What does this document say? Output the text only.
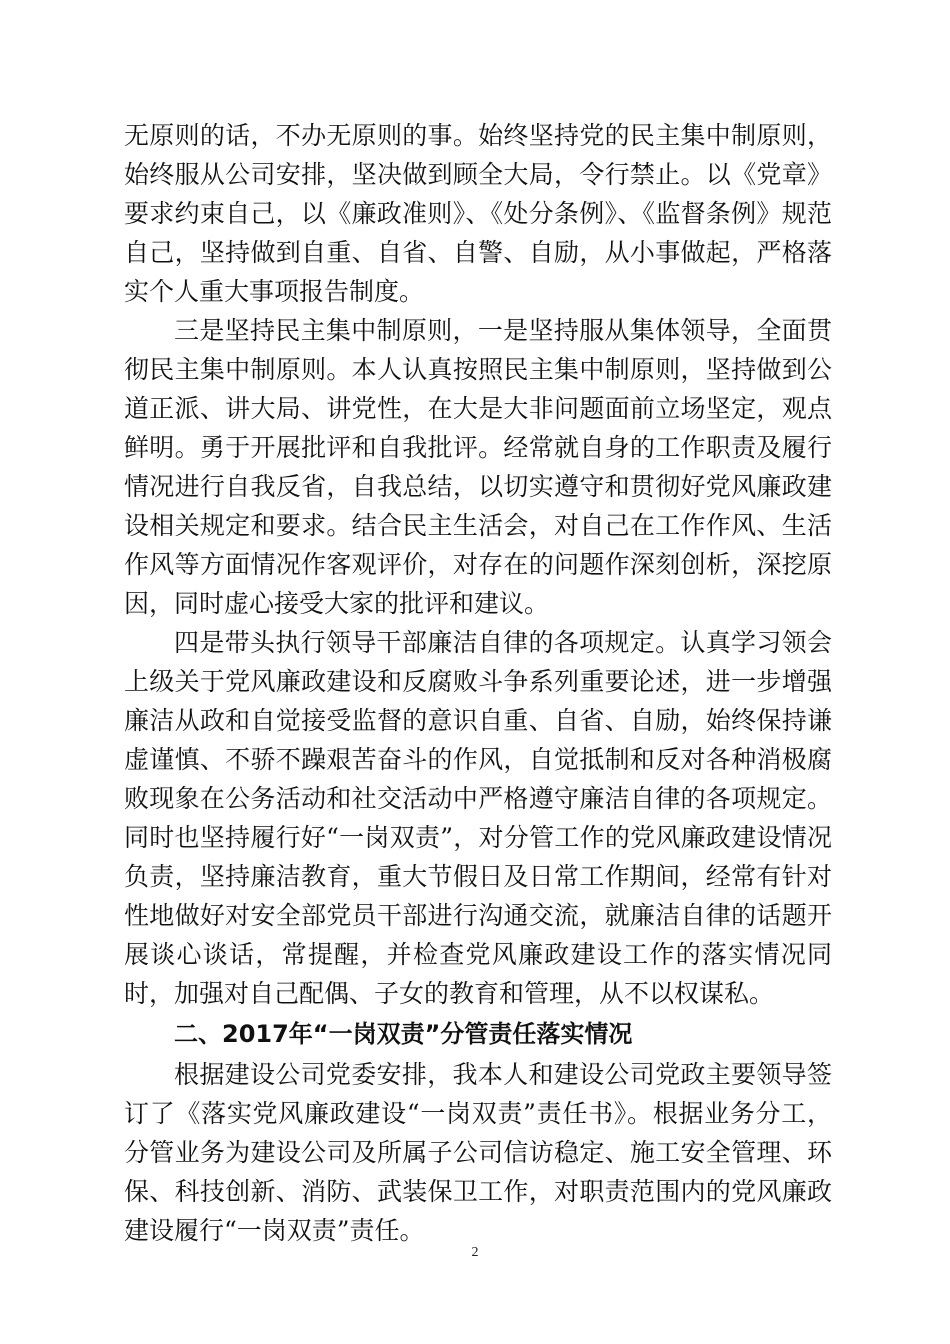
无原则的话，不办无原则的事。始终坚持党的民主集中制原则，始终服从公司安排，坚决做到顾全大局，令行禁止。以《党章》要求约束自己，以《廉政准则》、《处分条例》、《监督条例》规范自己，坚持做到自重、自省、自警、自励，从小事做起，严格落实个人重大事项报告制度。

三是坚持民主集中制原则，一是坚持服从集体领导，全面贯彻民主集中制原则。本人认真按照民主集中制原则，坚持做到公道正派、讲大局、讲党性，在大是大非问题面前立场坚定，观点鲜明。勇于开展批评和自我批评。经常就自身的工作职责及履行情况进行自我反省，自我总结，以切实遵守和贯彻好党风廉政建设相关规定和要求。结合民主生活会，对自己在工作作风、生活作风等方面情况作客观评价，对存在的问题作深刻创析，深挖原因，同时虚心接受大家的批评和建议。

四是带头执行领导干部廉洁自律的各项规定。认真学习领会上级关于党风廉政建设和反腐败斗争系列重要论述，进一步增强廉洁从政和自觉接受监督的意识自重、自省、自励，始终保持谦虚谨慎、不骄不躁艰苦奋斗的作风，自觉抵制和反对各种消极腐败现象在公务活动和社交活动中严格遵守廉洁自律的各项规定。同时也坚持履行好“一岗双责”，对分管工作的党风廉政建设情况负责，坚持廉洁教育，重大节假日及日常工作期间，经常有针对性地做好对安全部党员干部进行沟通交流，就廉洁自律的话题开展谈心谈话，常提醒，并检查党风廉政建设工作的落实情况同时，加强对自己配偶、子女的教育和管理，从不以权谋私。

二、2017年“一岗双责”分管责任落实情况

根据建设公司党委安排，我本人和建设公司党政主要领导签订了《落实党风廉政建设“一岗双责”责任书》。根据业务分工，分管业务为建设公司及所属子公司信访稳定、施工安全管理、环保、科技创新、消防、武装保卫工作，对职责范围内的党风廉政建设履行“一岗双责”责任。

2
